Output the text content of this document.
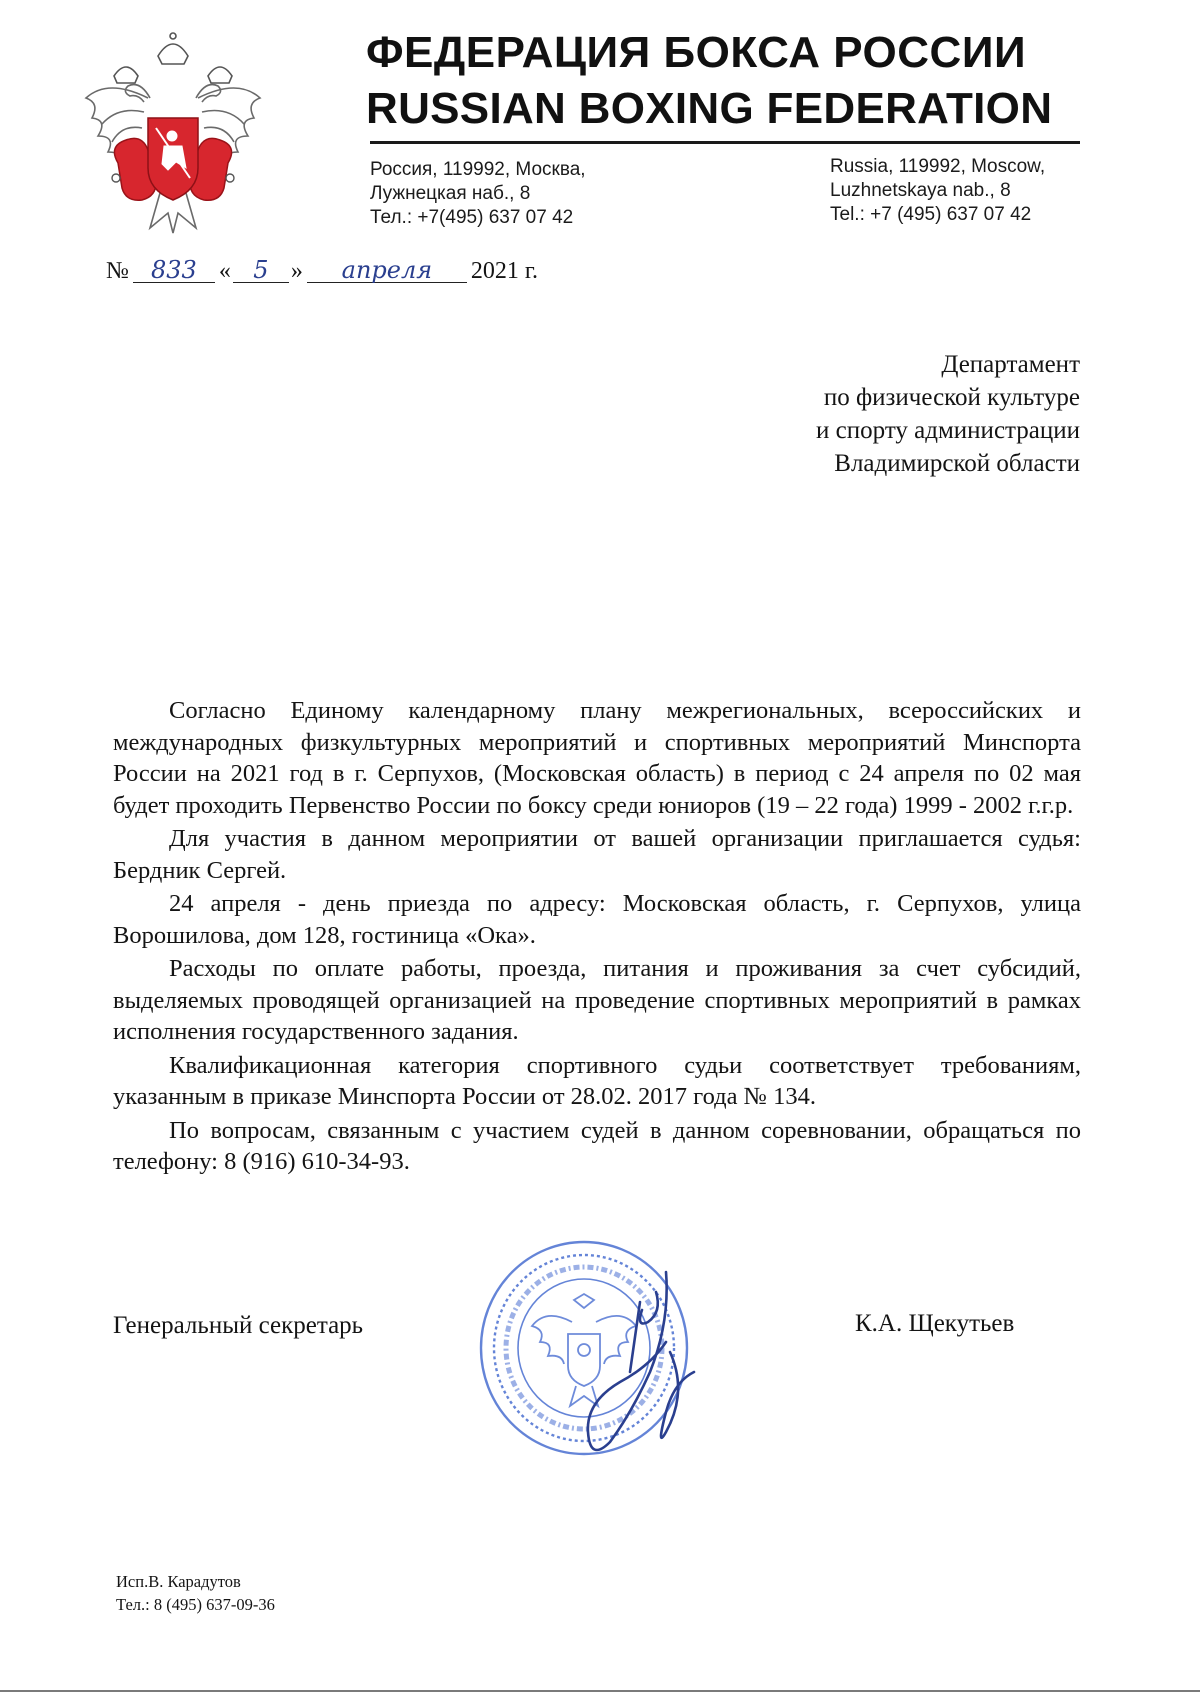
ФЕДЕРАЦИЯ БОКСА РОССИИ
RUSSIAN BOXING FEDERATION
Россия, 119992, Москва,
Лужнецкая наб., 8
Тел.: +7(495) 637 07 42
Russia, 119992, Moscow,
Luzhnetskaya nab., 8
Tel.: +7 (495) 637 07 42
№ 833 « 5 » апреля 2021 г.
Департамент
по физической культуре
и спорту администрации
Владимирской области

Согласно Единому календарному плану межрегиональных, всероссийских и международных физкультурных мероприятий и спортивных мероприятий Минспорта России на 2021 год в г. Серпухов, (Московская область) в период с 24 апреля по 02 мая будет проходить Первенство России по боксу среди юниоров (19 – 22 года) 1999 - 2002 г.г.р.

Для участия в данном мероприятии от вашей организации приглашается судья: Бердник Сергей.

24 апреля - день приезда по адресу: Московская область, г. Серпухов, улица Ворошилова, дом 128, гостиница «Ока».

Расходы по оплате работы, проезда, питания и проживания за счет субсидий, выделяемых проводящей организацией на проведение спортивных мероприятий в рамках исполнения государственного задания.

Квалификационная категория спортивного судьи соответствует требованиям, указанным в приказе Минспорта России от 28.02. 2017 года № 134.

По вопросам, связанным с участием судей в данном соревновании, обращаться по телефону: 8 (916) 610-34-93.

Генеральный секретарь	К.А. Щекутьев
Исп.В. Карадутов
Тел.: 8 (495) 637-09-36
